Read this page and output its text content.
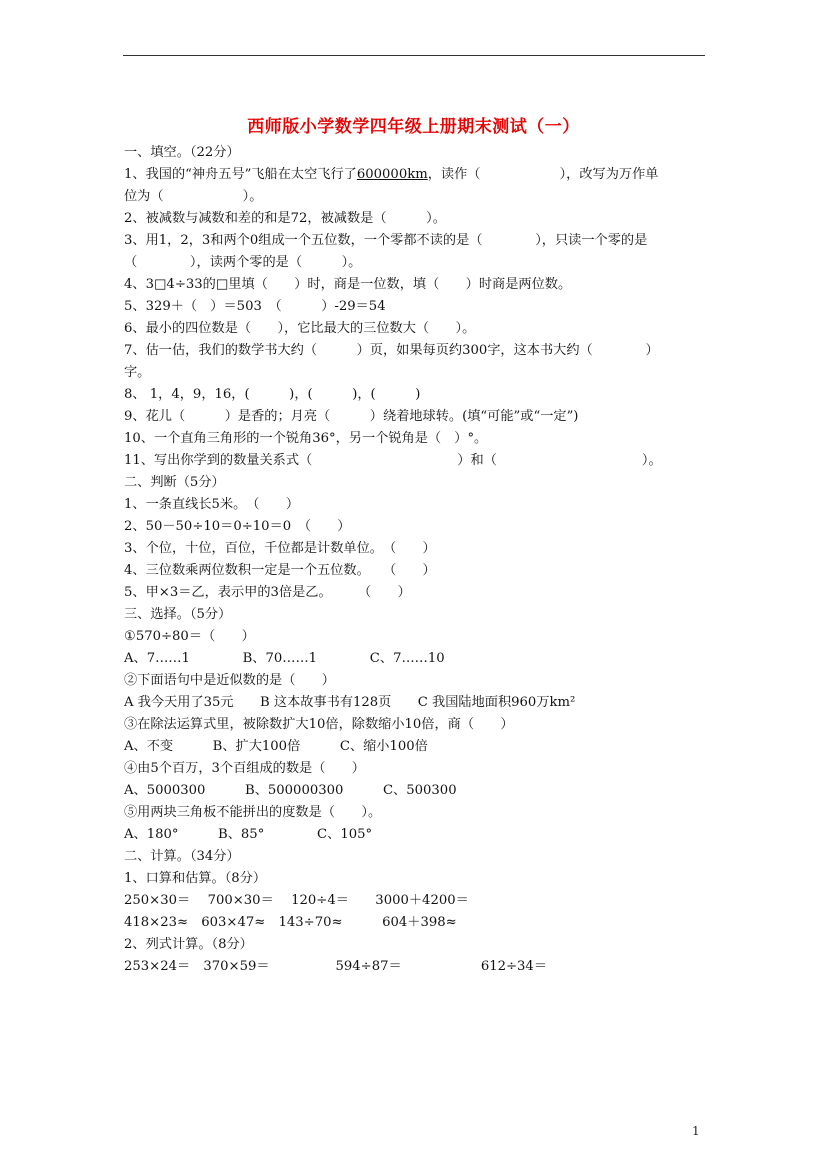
西师版小学数学四年级上册期末测试（一）
一、填空。（22分）
1、我国的“神舟五号”飞船在太空飞行了600000km，读作（　　　　　　），改写为万作单
位为（　　　　　　）。
2、被减数与减数和差的和是72，被减数是（　　　）。
3、用1，2，3和两个0组成一个五位数，一个零都不读的是（　　　　），只读一个零的是
（　　　　），读两个零的是（　　　）。
4、3□4÷33的□里填（　　）时，商是一位数，填（　　）时商是两位数。
5、329＋（　）＝503　（　　　）-29＝54
6、最小的四位数是（　　），它比最大的三位数大（　　）。
7、估一估，我们的数学书大约（　　　）页，如果每页约300字，这本书大约（　　　　）
字。
8、 1，4，9，16，(　　　)，(　　　)，(　　　)
9、花儿（　　　）是香的；月亮（　　　）绕着地球转。(填“可能”或“一定”)
10、一个直角三角形的一个锐角36°，另一个锐角是（　）°。
11、写出你学到的数量关系式（　　　　　　　　　　　）和（　　　　　　　　　　　）。
二、判断（5分）
1、一条直线长5米。　（　　）
2、50－50÷10＝0÷10＝0　（　　）
3、个位，十位，百位，千位都是计数单位。　（　　）
4、三位数乘两位数积一定是一个五位数。　　（　　）
5、甲×3＝乙，表示甲的3倍是乙。　　　（　　）
三、选择。（5分）
①570÷80＝（　　）
A、7……1　　　　B、70……1　　　　C、7……10
②下面语句中是近似数的是（　　）
A 我今天用了35元　　B 这本故事书有128页　　C 我国陆地面积960万km²
③在除法运算式里，被除数扩大10倍，除数缩小10倍，商（　　）
A、不变　　　B、扩大100倍　　　C、缩小100倍
④由5个百万，3个百组成的数是（　　）
A、5000300　　　B、500000300　　　C、500300
⑤用两块三角板不能拼出的度数是（　　）。
A、180°　　　B、85°　　　　C、105°
二、计算。（34分）
1、口算和估算。（8分）
250×30＝　 700×30＝　 120÷4＝　　3000＋4200＝
418×23≈　603×47≈　143÷70≈　　　604＋398≈
2、列式计算。（8分）
253×24＝　370×59＝　　　　　594÷87＝　　　　　　612÷34＝
1
